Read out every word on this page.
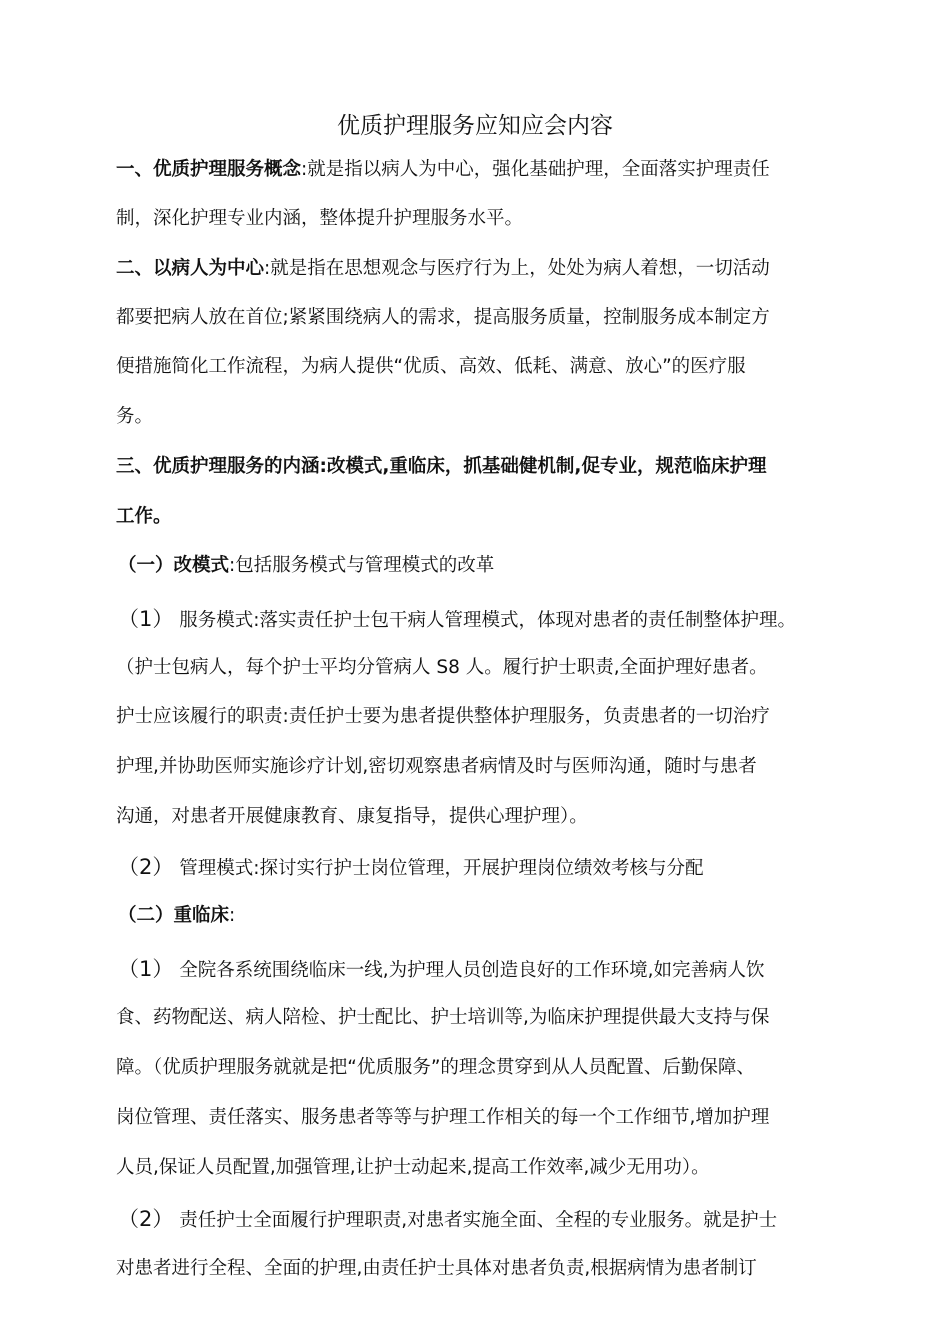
优质护理服务应知应会内容
一、优质护理服务概念:就是指以病人为中心，强化基础护理，全面落实护理责任
制，深化护理专业内涵，整体提升护理服务水平。
二、以病人为中心:就是指在思想观念与医疗行为上，处处为病人着想，一切活动
都要把病人放在首位;紧紧围绕病人的需求，提高服务质量，控制服务成本制定方
便措施简化工作流程，为病人提供“优质、高效、低耗、满意、放心”的医疗服
务。
三、优质护理服务的内涵:改模式,重临床，抓基础健机制,促专业，规范临床护理
工作。
（一）改模式:包括服务模式与管理模式的改革
（1） 服务模式:落实责任护士包干病人管理模式，体现对患者的责任制整体护理。
（护士包病人，每个护士平均分管病人 S8 人。履行护士职责,全面护理好患者。
护士应该履行的职责:责任护士要为患者提供整体护理服务，负责患者的一切治疗
护理,并协助医师实施诊疗计划,密切观察患者病情及时与医师沟通，随时与患者
沟通，对患者开展健康教育、康复指导，提供心理护理）。
（2） 管理模式:探讨实行护士岗位管理，开展护理岗位绩效考核与分配
（二）重临床:
（1） 全院各系统围绕临床一线,为护理人员创造良好的工作环境,如完善病人饮
食、药物配送、病人陪检、护士配比、护士培训等,为临床护理提供最大支持与保
障。（优质护理服务就就是把“优质服务”的理念贯穿到从人员配置、后勤保障、
岗位管理、责任落实、服务患者等等与护理工作相关的每一个工作细节,增加护理
人员,保证人员配置,加强管理,让护士动起来,提高工作效率,减少无用功）。
（2） 责任护士全面履行护理职责,对患者实施全面、全程的专业服务。就是护士
对患者进行全程、全面的护理,由责任护士具体对患者负责,根据病情为患者制订
